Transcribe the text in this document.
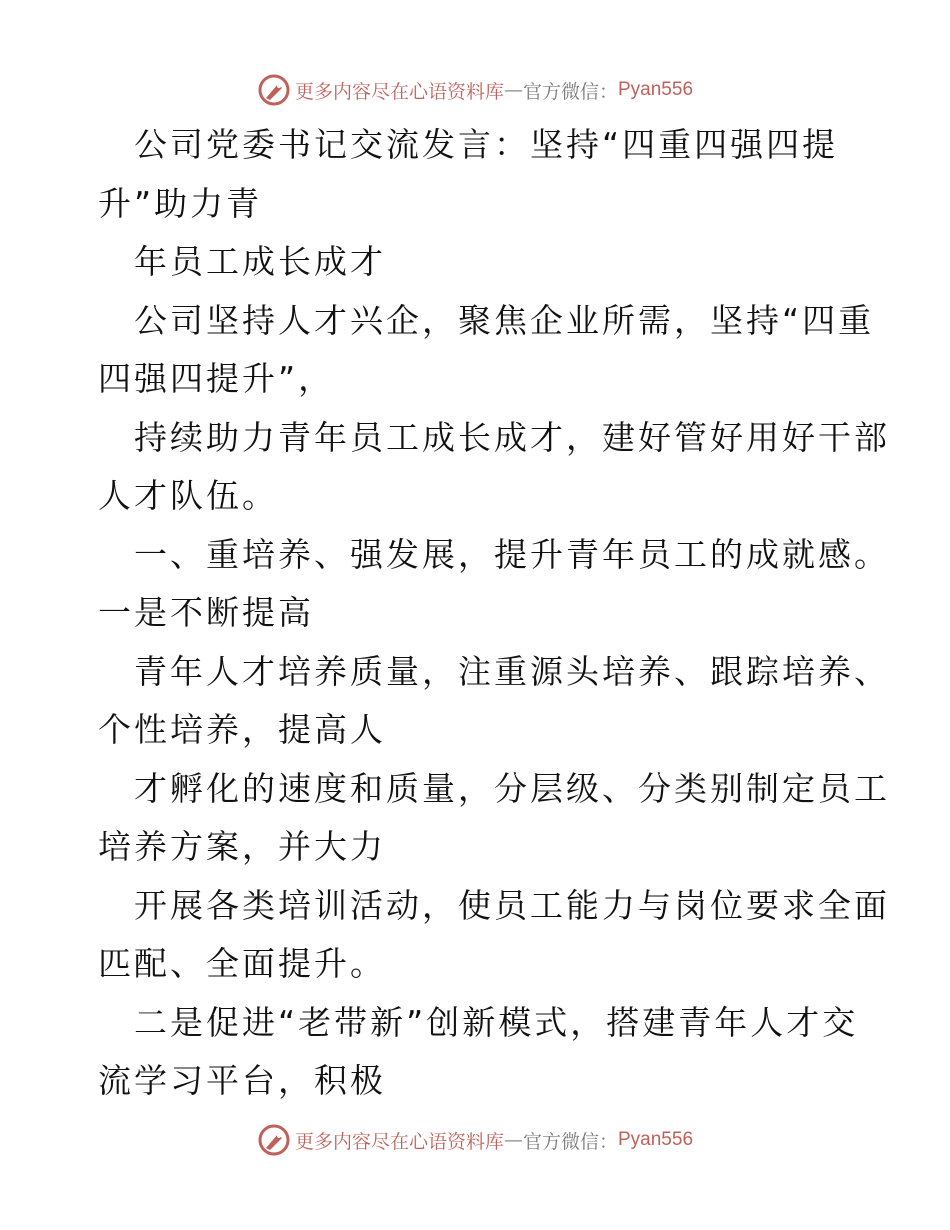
更多内容尽在心语资料库 — 官方微信： Pyan556
公司党委书记交流发言：坚持“四重四强四提
升”助力青
年员工成长成才
公司坚持人才兴企，聚焦企业所需，坚持“四重
四强四提升”，
持续助力青年员工成长成才，建好管好用好干部
人才队伍。
一、重培养、强发展，提升青年员工的成就感。
一是不断提高
青年人才培养质量，注重源头培养、跟踪培养、
个性培养，提高人
才孵化的速度和质量，分层级、分类别制定员工
培养方案，并大力
开展各类培训活动，使员工能力与岗位要求全面
匹配、全面提升。
二是促进“老带新”创新模式，搭建青年人才交
流学习平台，积极
更多内容尽在心语资料库 — 官方微信： Pyan556
